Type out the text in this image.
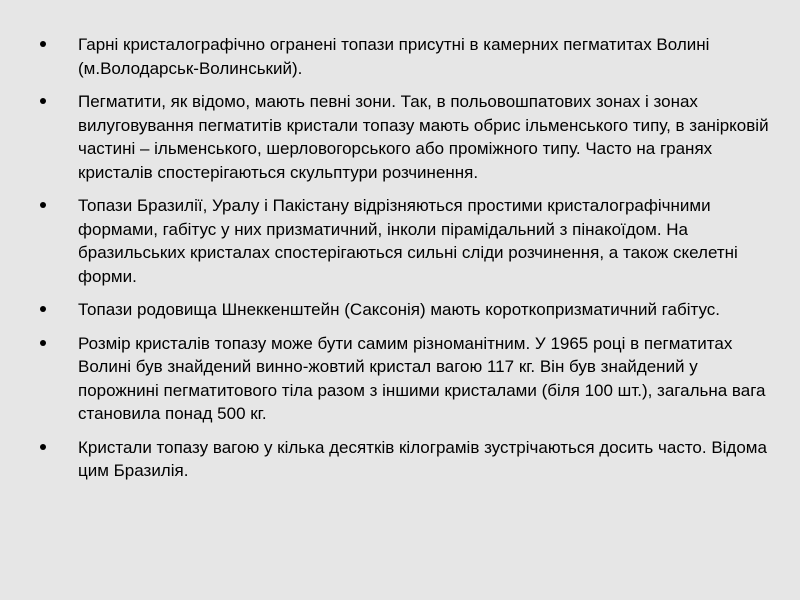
Гарні кристалографічно огранені топази присутні в камерних пегматитах Волині (м.Володарськ-Волинський).
Пегматити, як відомо, мають певні зони. Так, в польовошпатових зонах і зонах вилуговування пегматитів кристали топазу мають обрис ільменського типу, в занірковій частині – ільменського, шерловогорського або проміжного типу. Часто на гранях кристалів спостерігаються скульптури розчинення.
Топази Бразилії, Уралу і Пакістану відрізняються простими кристалографічними формами, габітус у них призматичний, інколи пірамідальний з пінакоїдом. На бразильських кристалах спостерігаються сильні сліди розчинення, а також скелетні форми.
Топази родовища Шнеккенштейн (Саксонія) мають короткопризматичний габітус.
Розмір кристалів топазу може бути самим різноманітним. У 1965 році в пегматитах Волині був знайдений винно-жовтий кристал вагою 117 кг. Він був знайдений у порожнині пегматитового тіла разом з іншими кристалами (біля 100 шт.), загальна вага становила понад 500 кг.
Кристали топазу вагою у кілька десятків кілограмів зустрічаються досить часто. Відома цим Бразилія.
